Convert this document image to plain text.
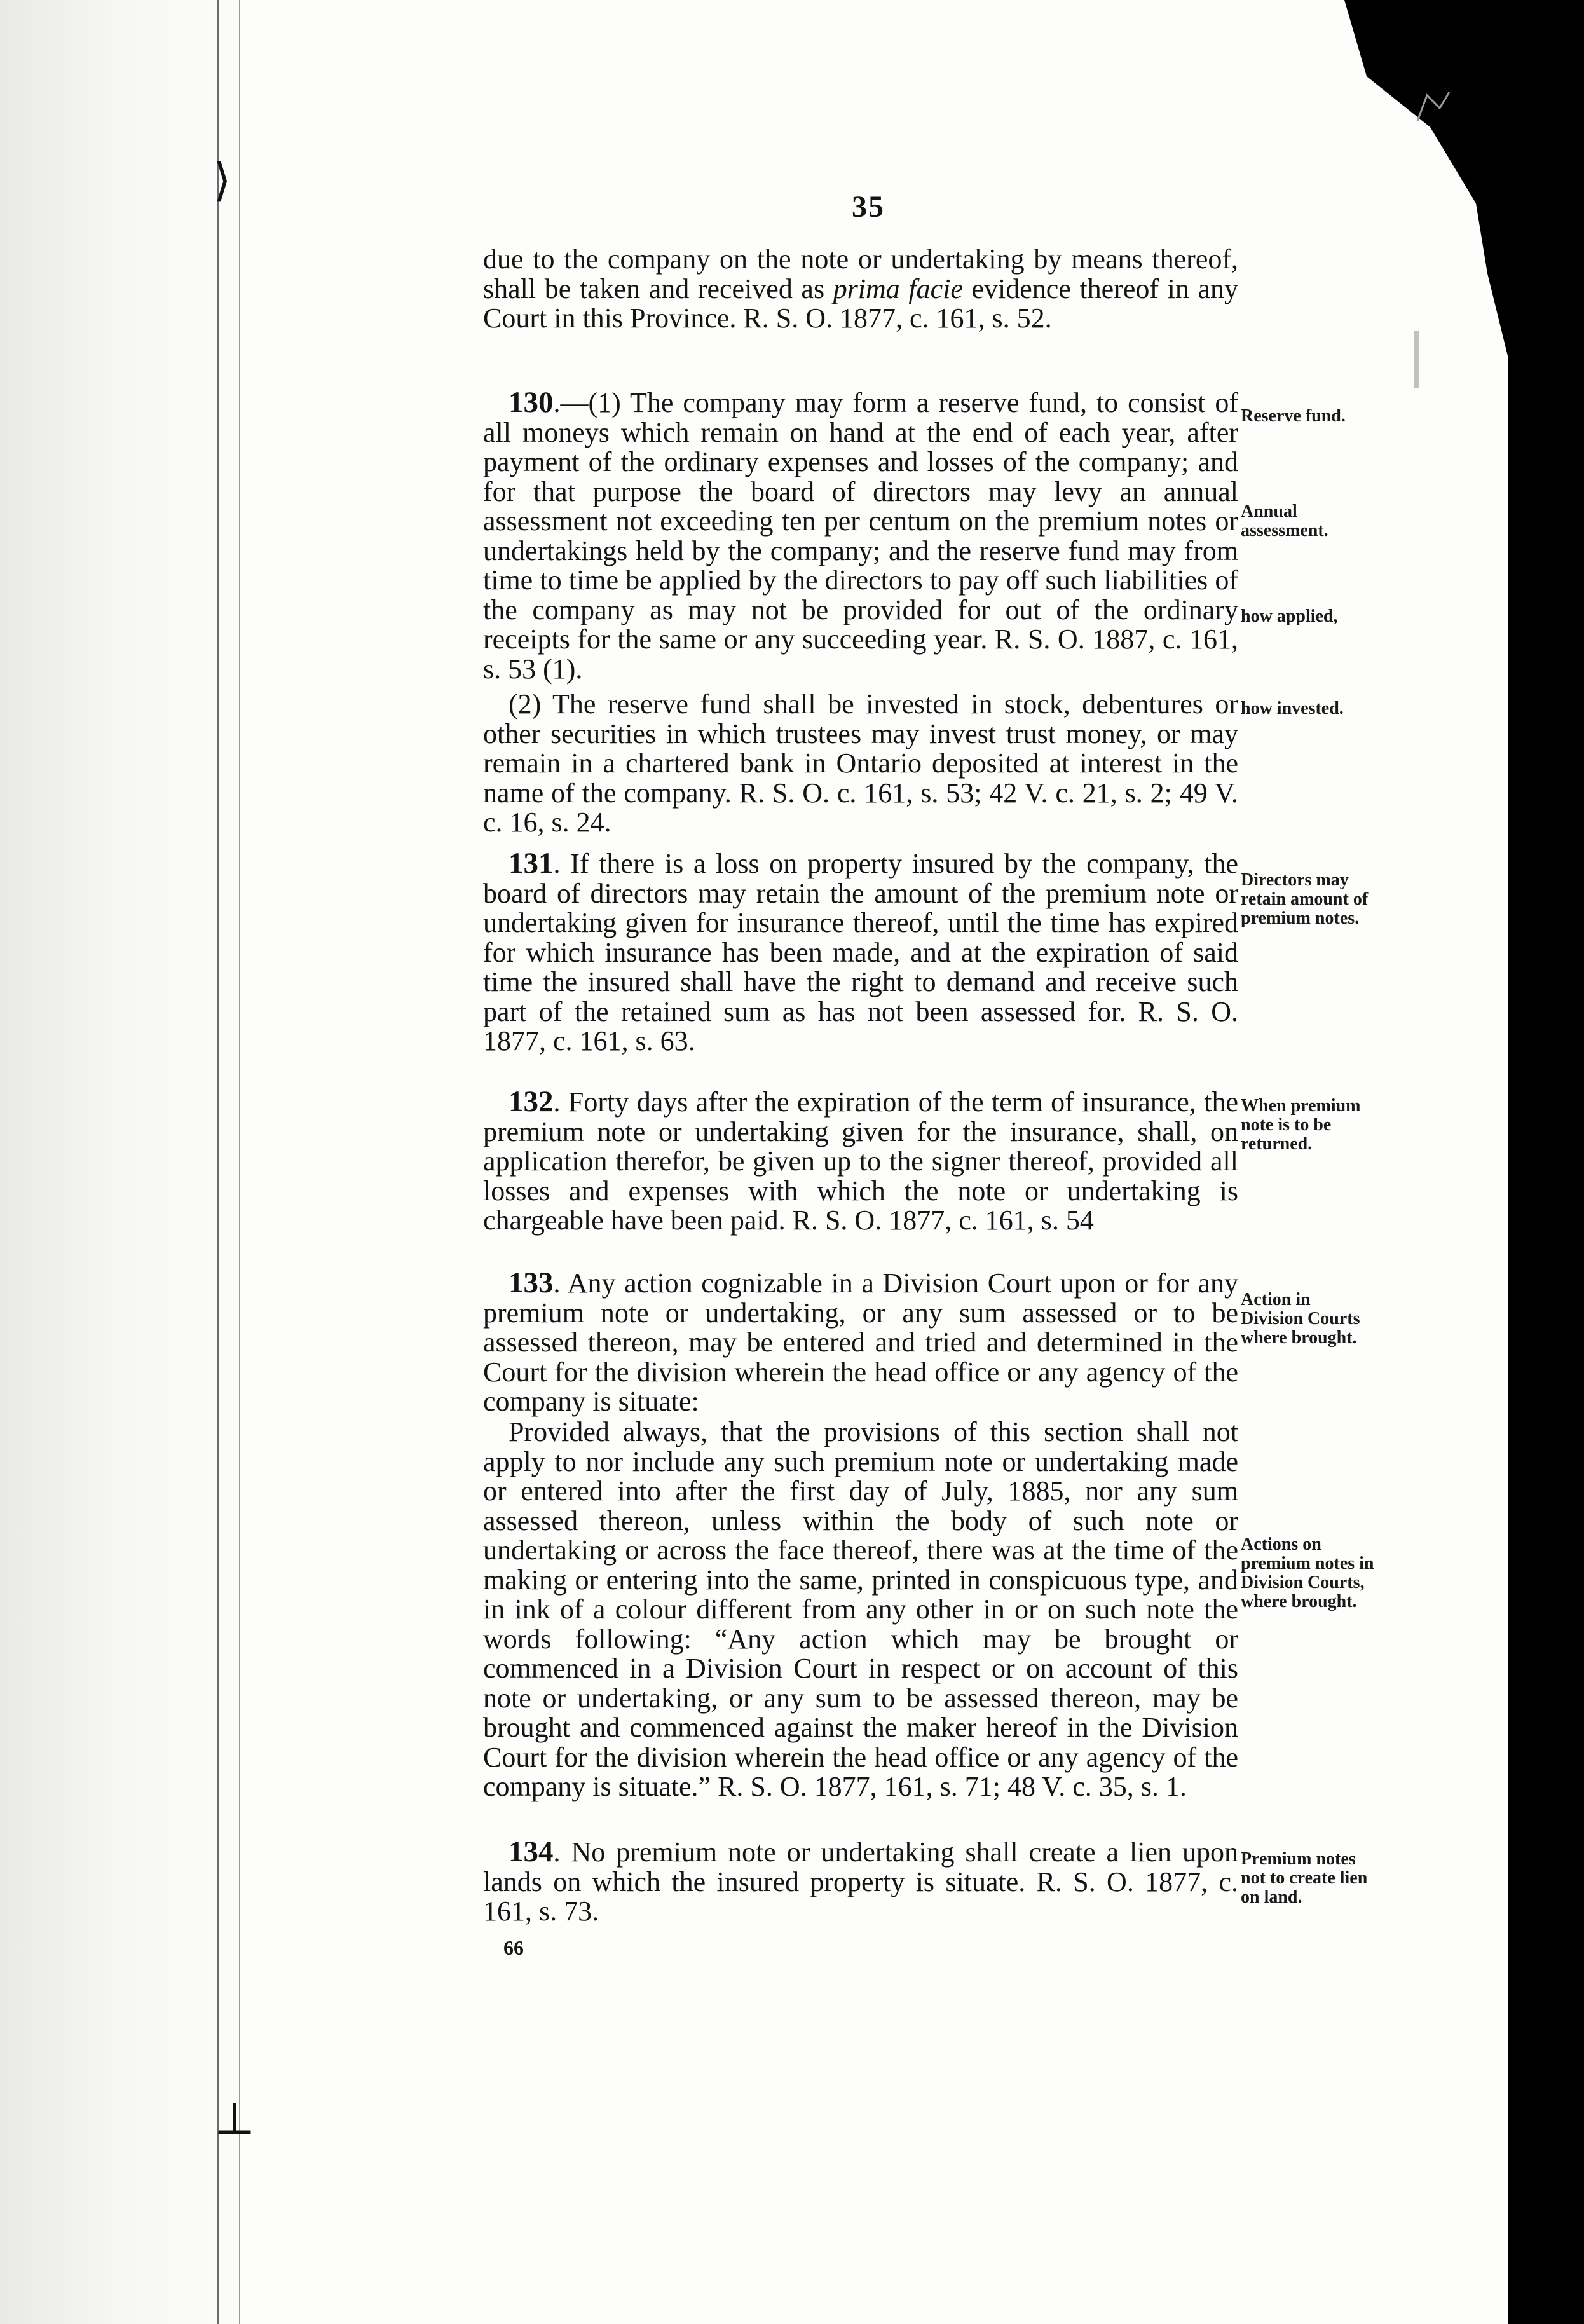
⟩
⊥
35

due to the company on the note or undertaking by means thereof, shall be taken and received as prima facie evidence thereof in any Court in this Province. R. S. O. 1877, c. 161, s. 52.

130.—(1) The company may form a reserve fund, to consist of all moneys which remain on hand at the end of each year, after payment of the ordinary expenses and losses of the company; and for that purpose the board of directors may levy an annual assessment not exceeding ten per centum on the premium notes or undertakings held by the company; and the reserve fund may from time to time be applied by the directors to pay off such liabilities of the company as may not be provided for out of the ordinary receipts for the same or any succeeding year. R. S. O. 1887, c. 161, s. 53 (1).

(2) The reserve fund shall be invested in stock, debentures or other securities in which trustees may invest trust money, or may remain in a chartered bank in Ontario deposited at interest in the name of the company. R. S. O. c. 161, s. 53; 42 V. c. 21, s. 2; 49 V. c. 16, s. 24.

131. If there is a loss on property insured by the company, the board of directors may retain the amount of the premium note or undertaking given for insurance thereof, until the time has expired for which insurance has been made, and at the expiration of said time the insured shall have the right to demand and receive such part of the retained sum as has not been assessed for. R. S. O. 1877, c. 161, s. 63.

132. Forty days after the expiration of the term of insurance, the premium note or undertaking given for the insurance, shall, on application therefor, be given up to the signer thereof, provided all losses and expenses with which the note or undertaking is chargeable have been paid. R. S. O. 1877, c. 161, s. 54

133. Any action cognizable in a Division Court upon or for any premium note or undertaking, or any sum assessed or to be assessed thereon, may be entered and tried and determined in the Court for the division wherein the head office or any agency of the company is situate:

Provided always, that the provisions of this section shall not apply to nor include any such premium note or undertaking made or entered into after the first day of July, 1885, nor any sum assessed thereon, unless within the body of such note or undertaking or across the face thereof, there was at the time of the making or entering into the same, printed in conspicuous type, and in ink of a colour different from any other in or on such note the words following: “Any action which may be brought or commenced in a Division Court in respect or on account of this note or undertaking, or any sum to be assessed thereon, may be brought and commenced against the maker hereof in the Division Court for the division wherein the head office or any agency of the company is situate.” R. S. O. 1877, 161, s. 71; 48 V. c. 35, s. 1.

134. No premium note or undertaking shall create a lien upon lands on which the insured property is situate. R. S. O. 1877, c. 161, s. 73.

Reserve fund.
Annual assessment.
how applied,
how invested.
Directors may retain amount of premium notes.
When premium note is to be returned.
Action in Division Courts where brought.
Actions on premium notes in Division Courts, where brought.
Premium notes not to create lien on land.
66
